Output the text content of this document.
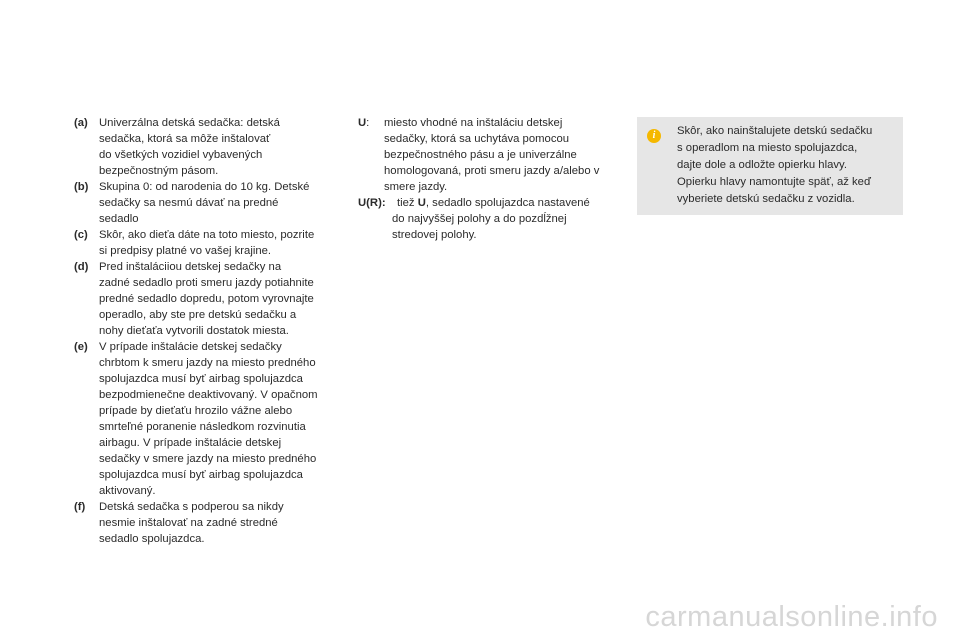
(a) Univerzálna detská sedačka: detská
sedačka, ktorá sa môže inštalovať
do všetkých vozidiel vybavených
bezpečnostným pásom.
(b) Skupina 0: od narodenia do 10 kg. Detské
sedačky sa nesmú dávať na predné
sedadlo
(c) Skôr, ako dieťa dáte na toto miesto, pozrite
si predpisy platné vo vašej krajine.
(d) Pred inštaláciiou detskej sedačky na
zadné sedadlo proti smeru jazdy potiahnite
predné sedadlo dopredu, potom vyrovnajte
operadlo, aby ste pre detskú sedačku a
nohy dieťaťa vytvorili dostatok miesta.
(e) V prípade inštalácie detskej sedačky
chrbtom k smeru jazdy na miesto predného
spolujazdca musí byť airbag spolujazdca
bezpodmienečne deaktivovaný. V opačnom
prípade by dieťaťu hrozilo vážne alebo
smrteľné poranenie následkom rozvinutia
airbagu. V prípade inštalácie detskej
sedačky v smere jazdy na miesto predného
spolujazdca musí byť airbag spolujazdca
aktivovaný.
(f)	Detská sedačka s podperou sa nikdy
nesmie inštalovať na zadné stredné
sedadlo spolujazdca.
U:	miesto vhodné na inštaláciu detskej
sedačky, ktorá sa uchytáva pomocou
bezpečnostného pásu a je univerzálne
homologovaná, proti smeru jazdy a/alebo v
smere jazdy.
U(R):	tiež U, sedadlo spolujazdca nastavené
do najvyššej polohy a do pozdĺžnej
stredovej polohy.
i	Skôr, ako nainštalujete detskú sedačku
s operadlom na miesto spolujazdca,
dajte dole a odložte opierku hlavy.
Opierku hlavy namontujte späť, až keď
vyberiete detskú sedačku z vozidla.
carmanualsonline.info
